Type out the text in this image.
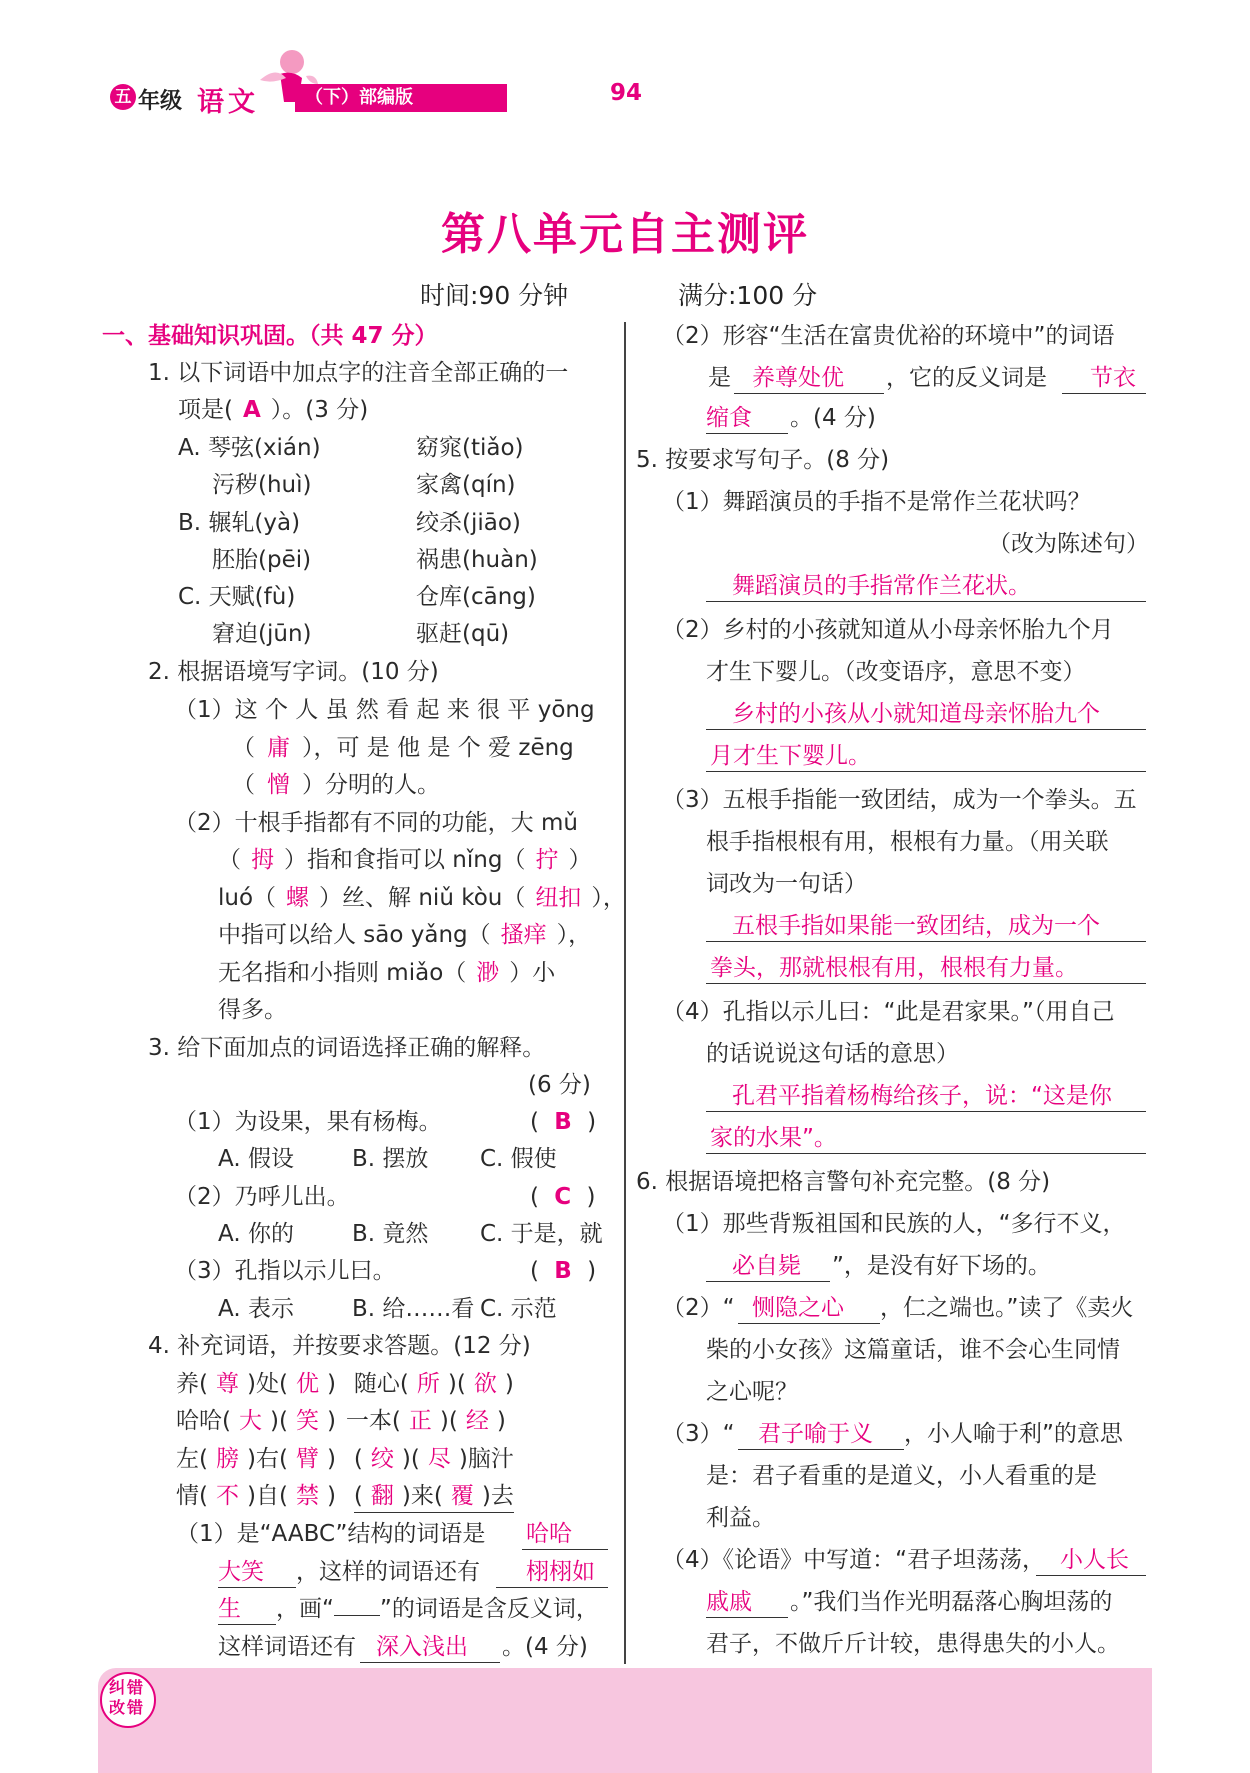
五 年级 语文	（下）部编版	94
第八单元自主测评
时间:90 分钟	满分:100 分
一、基础知识巩固。（共 47 分）
1. 以下词语中加点字的注音全部正确的一
项是( A ）。(3 分)
A. 琴弦(xián)	窈窕(tiǎo)
污秽(huì)	家禽(qín)
B. 辗轧(yà)	绞杀(jiāo)
胚胎(pēi)	祸患(huàn)
C. 天赋(fù)	仓库(cāng)
窘迫(jūn)	驱赶(qū)
2. 根据语境写字词。(10 分)
（1）这 个 人 虽 然 看 起 来 很 平 yōng
（ 庸 ），可 是 他 是 个 爱 zēng
（ 憎 ）分明的人。
（2）十根手指都有不同的功能，大 mǔ
（ 拇 ）指和食指可以 nǐng（ 拧 ）
luó（ 螺 ）丝、解 niǔ kòu（ 纽扣 ），
中指可以给人 sāo yǎng（ 搔痒 ），
无名指和小指则 miǎo（ 渺 ）小
得多。
3. 给下面加点的词语选择正确的解释。
(6 分)
（1）为设果，果有杨梅。	( B )
A. 假设	B. 摆放 C. 假使
（2）乃呼儿出。	( C )
A. 你的	B. 竟然 C. 于是，就
（3）孔指以示儿曰。	( B )
A. 表示	B. 给……看 C. 示范
4. 补充词语，并按要求答题。(12 分)
养( 尊 )处( 优 ) 随心( 所 )( 欲 )
哈哈( 大 )( 笑 ) 一本( 正 )( 经 )
左( 膀 )右( 臂 ) ( 绞 )( 尽 )脑汁
情( 不 )自( 禁 ) ( 翻 )来( 覆 )去
（1）是“AABC”结构的词语是 哈哈
大笑 ，这样的词语还有 栩栩如
生 ，画“ ”的词语是含反义词，
这样词语还有 深入浅出 。(4 分)
（2）形容“生活在富贵优裕的环境中”的词语
是 养尊处优 ，它的反义词是 节衣
缩食 。(4 分)
5. 按要求写句子。(8 分)
（1）舞蹈演员的手指不是常作兰花状吗？
（改为陈述句）
舞蹈演员的手指常作兰花状。
（2）乡村的小孩就知道从小母亲怀胎九个月
才生下婴儿。（改变语序，意思不变）
乡村的小孩从小就知道母亲怀胎九个
月才生下婴儿。
（3）五根手指能一致团结，成为一个拳头。五
根手指根根有用，根根有力量。（用关联
词改为一句话）
五根手指如果能一致团结，成为一个
拳头，那就根根有用，根根有力量。
（4）孔指以示儿曰：“此是君家果。”（用自己
的话说说这句话的意思）
孔君平指着杨梅给孩子，说：“这是你
家的水果”。
6. 根据语境把格言警句补充完整。(8 分)
（1）那些背叛祖国和民族的人，“多行不义，
必自毙 ”，是没有好下场的。
（2）“ 恻隐之心 ，仁之端也。”读了《卖火
柴的小女孩》这篇童话，谁不会心生同情
之心呢？
（3）“ 君子喻于义 ，小人喻于利”的意思
是：君子看重的是道义，小人看重的是
利益。
（4）《论语》中写道：“君子坦荡荡， 小人长
戚戚 。”我们当作光明磊落心胸坦荡的
君子，不做斤斤计较，患得患失的小人。
纠错改错
